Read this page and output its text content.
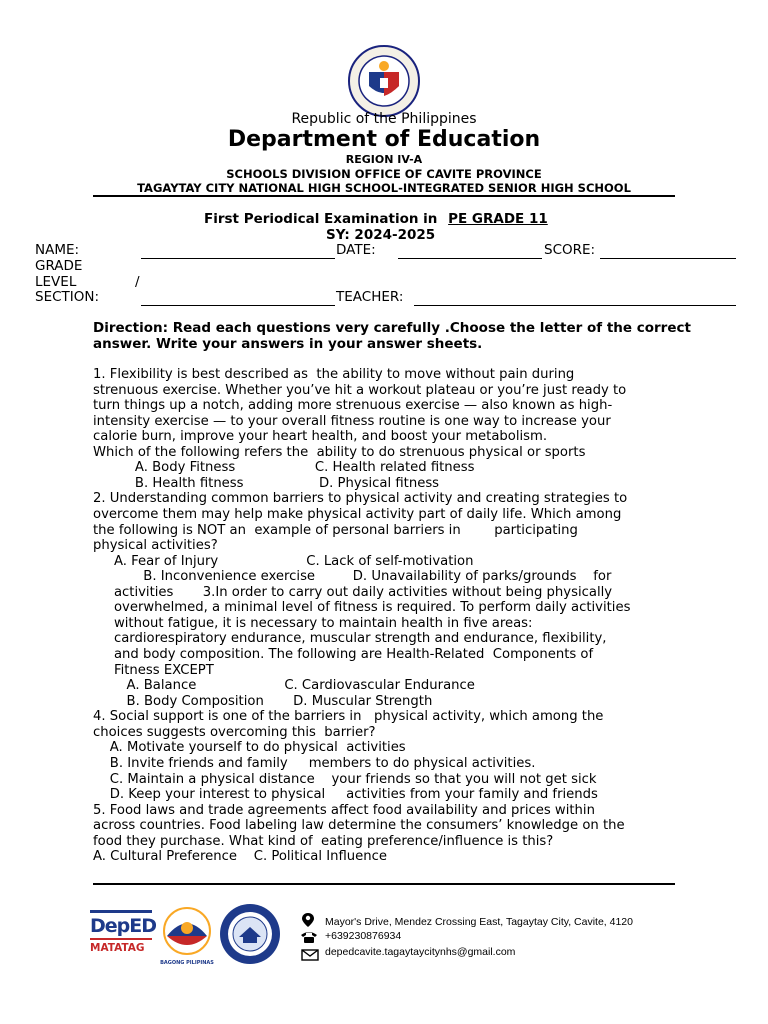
Republic of the Philippines
Department of Education
REGION IV-A
SCHOOLS DIVISION OFFICE OF CAVITE PROVINCE
TAGAYTAY CITY NATIONAL HIGH SCHOOL-INTEGRATED SENIOR HIGH SCHOOL
First Periodical Examination in PE GRADE 11
SY: 2024-2025
NAME:	DATE:	SCORE:
GRADE
LEVEL	/
SECTION:	TEACHER:
Direction: Read each questions very carefully .Choose the letter of the correct answer. Write your answers in your answer sheets.
1. Flexibility is best described as  the ability to move without pain during
strenuous exercise. Whether you’ve hit a workout plateau or you’re just ready to
turn things up a notch, adding more strenuous exercise — also known as high-
intensity exercise — to your overall fitness routine is one way to increase your
calorie burn, improve your heart health, and boost your metabolism.
Which of the following refers the  ability to do strenuous physical or sports
A. Body Fitness                   C. Health related fitness
B. Health fitness                  D. Physical fitness
2. Understanding common barriers to physical activity and creating strategies to
overcome them may help make physical activity part of daily life. Which among
the following is NOT an  example of personal barriers in        participating
physical activities?
A. Fear of Injury                     C. Lack of self-motivation
B. Inconvenience exercise         D. Unavailability of parks/grounds    for
activities       3.In order to carry out daily activities without being physically
overwhelmed, a minimal level of fitness is required. To perform daily activities
without fatigue, it is necessary to maintain health in five areas:
cardiorespiratory endurance, muscular strength and endurance, flexibility,
and body composition. The following are Health-Related  Components of
Fitness EXCEPT
A. Balance                     C. Cardiovascular Endurance
B. Body Composition       D. Muscular Strength
4. Social support is one of the barriers in   physical activity, which among the
choices suggests overcoming this  barrier?
A. Motivate yourself to do physical  activities
B. Invite friends and family     members to do physical activities.
C. Maintain a physical distance    your friends so that you will not get sick
D. Keep your interest to physical     activities from your family and friends
5. Food laws and trade agreements affect food availability and prices within
across countries. Food labeling law determine the consumers’ knowledge on the
food they purchase. What kind of  eating preference/influence is this?
A. Cultural Preference    C. Political Influence
DepED
MATATAG
BAGONG PILIPINAS
Mayor's Drive, Mendez Crossing East, Tagaytay City, Cavite, 4120
+639230876934
depedcavite.tagaytaycitynhs@gmail.com
